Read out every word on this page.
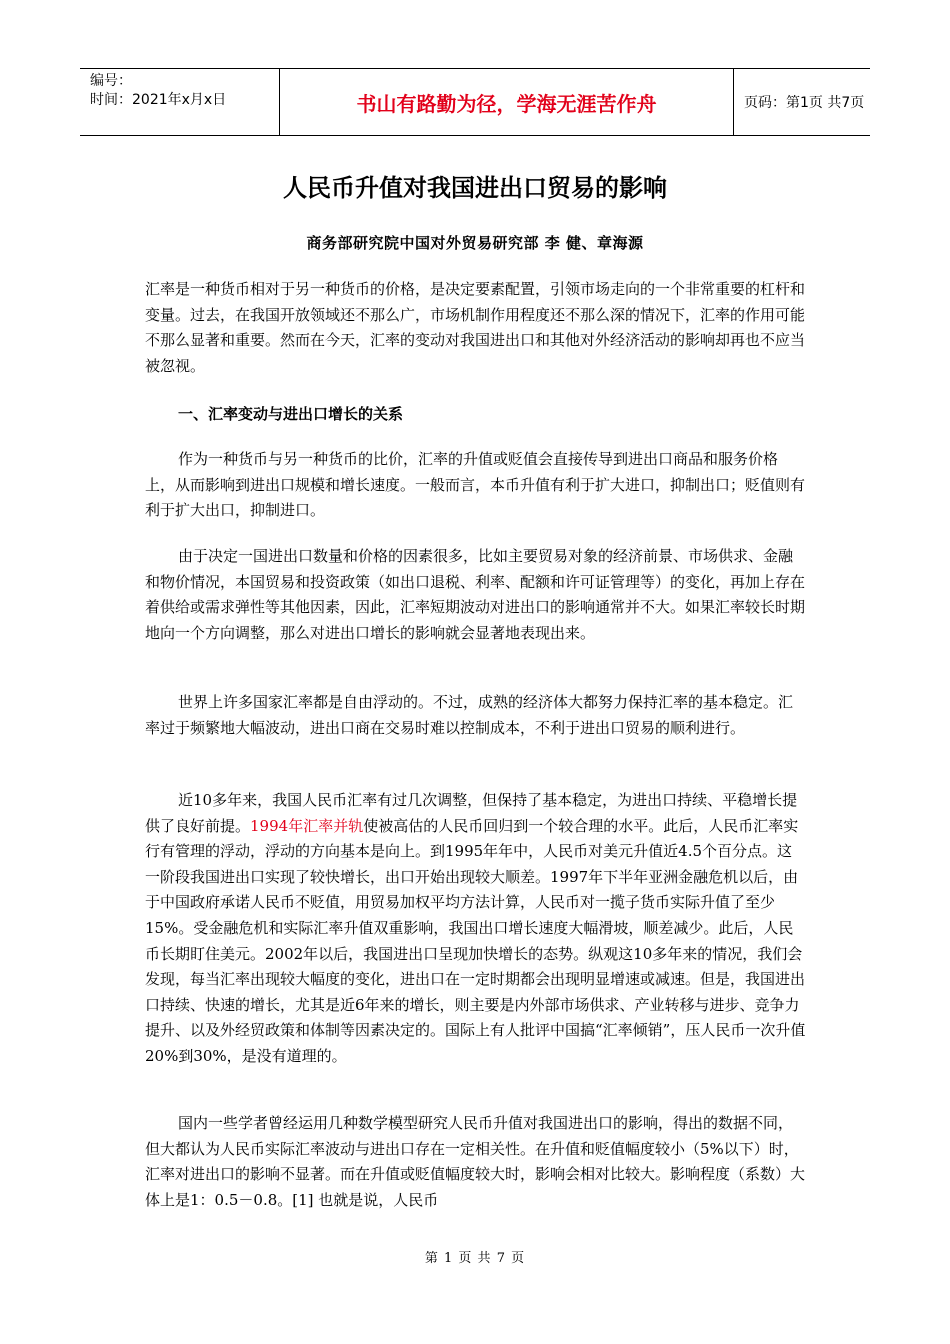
编号：
时间：2021年x月x日	书山有路勤为径，学海无涯苦作舟	页码：第1页 共7页
人民币升值对我国进出口贸易的影响
商务部研究院中国对外贸易研究部 李 健、章海源

汇率是一种货币相对于另一种货币的价格，是决定要素配置，引领市场走向的一个非常重要的杠杆和变量。过去，在我国开放领域还不那么广，市场机制作用程度还不那么深的情况下，汇率的作用可能不那么显著和重要。然而在今天，汇率的变动对我国进出口和其他对外经济活动的影响却再也不应当被忽视。

一、汇率变动与进出口增长的关系

作为一种货币与另一种货币的比价，汇率的升值或贬值会直接传导到进出口商品和服务价格上，从而影响到进出口规模和增长速度。一般而言，本币升值有利于扩大进口，抑制出口；贬值则有利于扩大出口，抑制进口。

由于决定一国进出口数量和价格的因素很多，比如主要贸易对象的经济前景、市场供求、金融和物价情况，本国贸易和投资政策（如出口退税、利率、配额和许可证管理等）的变化，再加上存在着供给或需求弹性等其他因素，因此，汇率短期波动对进出口的影响通常并不大。如果汇率较长时期地向一个方向调整，那么对进出口增长的影响就会显著地表现出来。

世界上许多国家汇率都是自由浮动的。不过，成熟的经济体大都努力保持汇率的基本稳定。汇率过于频繁地大幅波动，进出口商在交易时难以控制成本，不利于进出口贸易的顺利进行。

近10多年来，我国人民币汇率有过几次调整，但保持了基本稳定，为进出口持续、平稳增长提供了良好前提。1994年汇率并轨使被高估的人民币回归到一个较合理的水平。此后，人民币汇率实行有管理的浮动，浮动的方向基本是向上。到1995年年中，人民币对美元升值近4.5个百分点。这一阶段我国进出口实现了较快增长，出口开始出现较大顺差。1997年下半年亚洲金融危机以后，由于中国政府承诺人民币不贬值，用贸易加权平均方法计算，人民币对一揽子货币实际升值了至少15%。受金融危机和实际汇率升值双重影响，我国出口增长速度大幅滑坡，顺差减少。此后，人民币长期盯住美元。2002年以后，我国进出口呈现加快增长的态势。纵观这10多年来的情况，我们会发现，每当汇率出现较大幅度的变化，进出口在一定时期都会出现明显增速或减速。但是，我国进出口持续、快速的增长，尤其是近6年来的增长，则主要是内外部市场供求、产业转移与进步、竞争力提升、以及外经贸政策和体制等因素决定的。国际上有人批评中国搞“汇率倾销”，压人民币一次升值20%到30%，是没有道理的。

国内一些学者曾经运用几种数学模型研究人民币升值对我国进出口的影响，得出的数据不同，但大都认为人民币实际汇率波动与进出口存在一定相关性。在升值和贬值幅度较小（5%以下）时，汇率对进出口的影响不显著。而在升值或贬值幅度较大时，影响会相对比较大。影响程度（系数）大体上是1：0.5－0.8。[1] 也就是说，人民币

第 1 页 共 7 页
